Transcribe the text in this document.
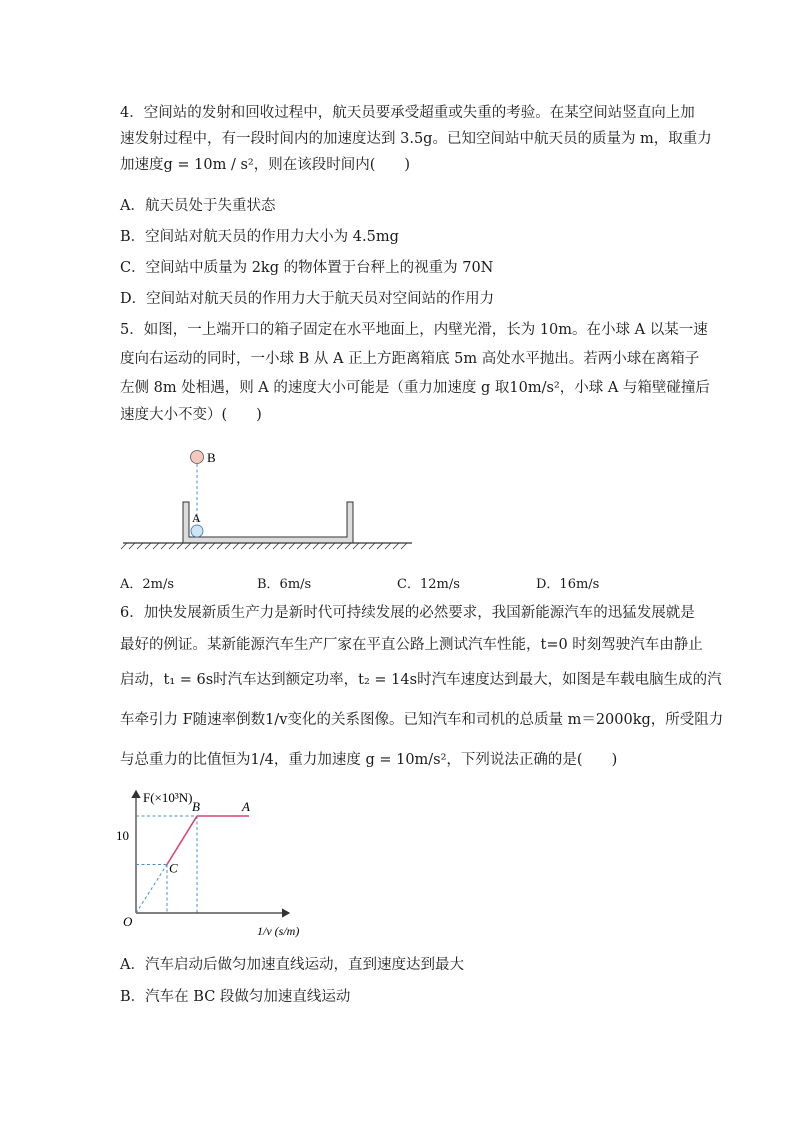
4．空间站的发射和回收过程中，航天员要承受超重或失重的考验。在某空间站竖直向上加
速发射过程中，有一段时间内的加速度达到 3.5g。已知空间站中航天员的质量为 m，取重力
加速度g = 10m / s²，则在该段时间内(　　)
A．航天员处于失重状态
B．空间站对航天员的作用力大小为 4.5mg
C．空间站中质量为 2kg 的物体置于台秤上的视重为 70N
D．空间站对航天员的作用力大于航天员对空间站的作用力
5．如图，一上端开口的箱子固定在水平地面上，内壁光滑，长为 10m。在小球 A 以某一速
度向右运动的同时，一小球 B 从 A 正上方距离箱底 5m 高处水平抛出。若两小球在离箱子
左侧 8m 处相遇，则 A 的速度大小可能是（重力加速度 g 取10m/s²，小球 A 与箱壁碰撞后
速度大小不变）(　　)
B
A
A．2m/s	B．6m/s	C．12m/s	D．16m/s
6．加快发展新质生产力是新时代可持续发展的必然要求，我国新能源汽车的迅猛发展就是
最好的例证。某新能源汽车生产厂家在平直公路上测试汽车性能，t=0 时刻驾驶汽车由静止
启动，t₁ = 6s时汽车达到额定功率，t₂ = 14s时汽车速度达到最大，如图是车载电脑生成的汽
车牵引力 F随速率倒数1/v变化的关系图像。已知汽车和司机的总质量 m＝2000kg，所受阻力
与总重力的比值恒为1/4，重力加速度 g = 10m/s²，下列说法正确的是(　　)
F(×10³N)
10
O
1/v (s/m)
C
B	A
A．汽车启动后做匀加速直线运动，直到速度达到最大
B．汽车在 BC 段做匀加速直线运动
